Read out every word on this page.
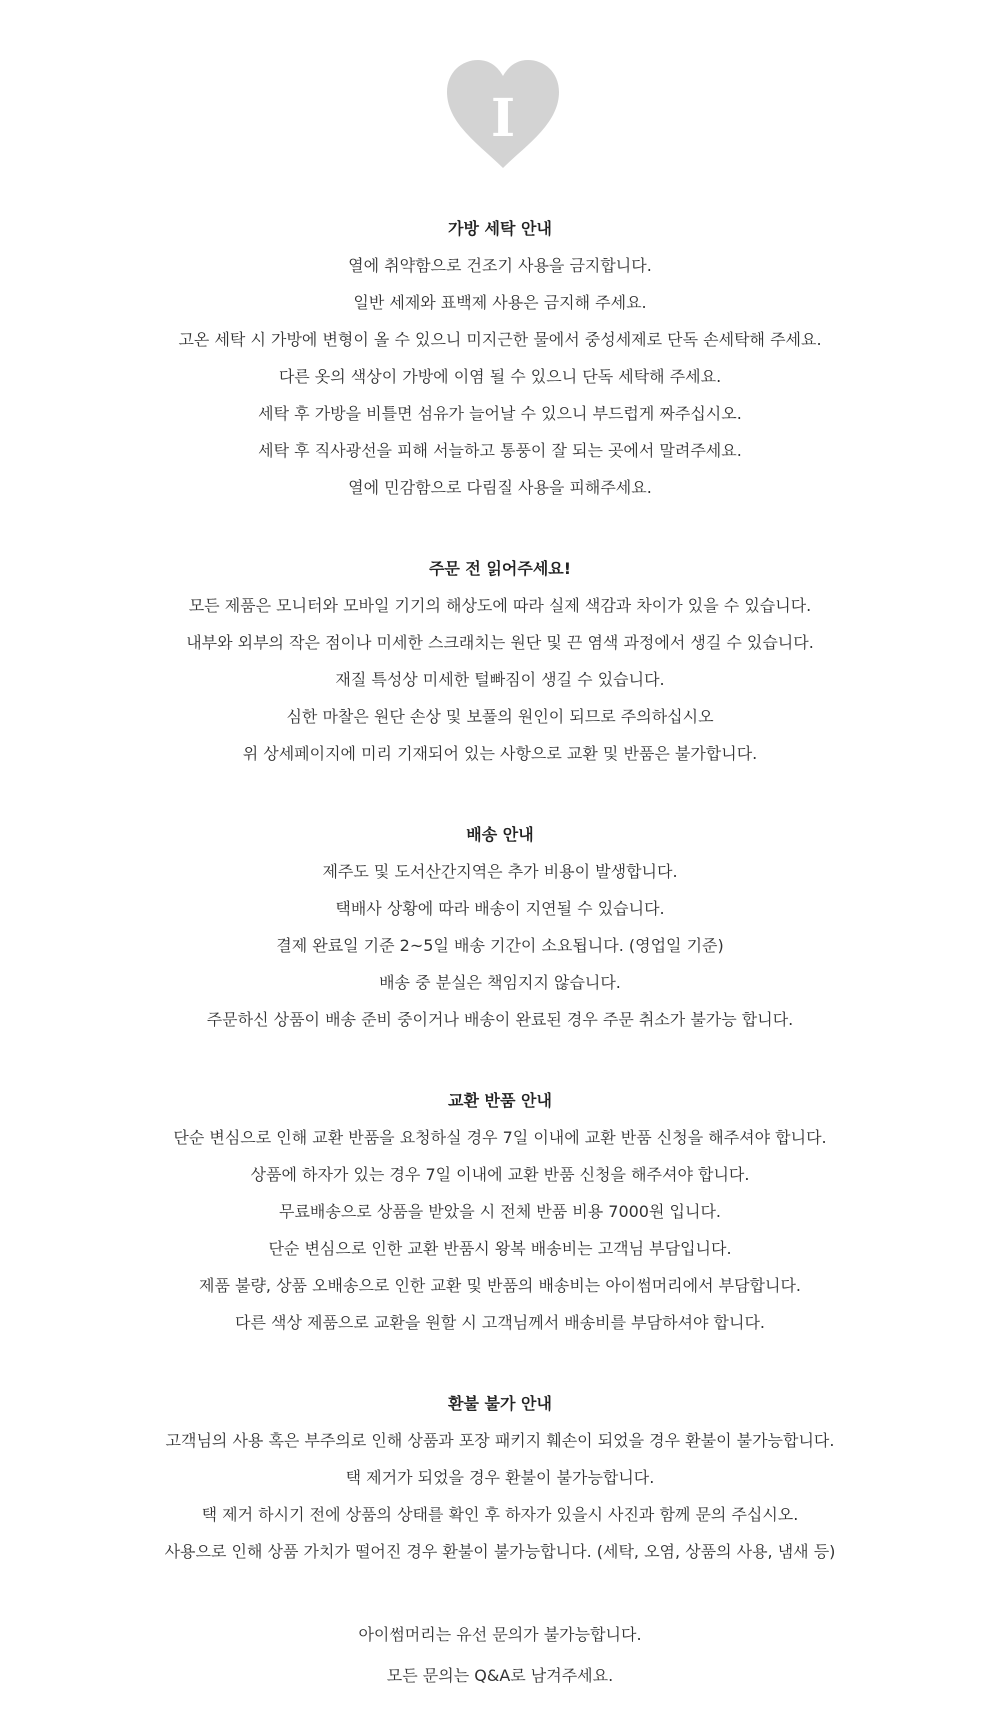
I

가방 세탁 안내

열에 취약함으로 건조기 사용을 금지합니다.

일반 세제와 표백제 사용은 금지해 주세요.

고온 세탁 시 가방에 변형이 올 수 있으니 미지근한 물에서 중성세제로 단독 손세탁해 주세요.

다른 옷의 색상이 가방에 이염 될 수 있으니 단독 세탁해 주세요.

세탁 후 가방을 비틀면 섬유가 늘어날 수 있으니 부드럽게 짜주십시오.

세탁 후 직사광선을 피해 서늘하고 통풍이 잘 되는 곳에서 말려주세요.

열에 민감함으로 다림질 사용을 피해주세요.

주문 전 읽어주세요!

모든 제품은 모니터와 모바일 기기의 해상도에 따라 실제 색감과 차이가 있을 수 있습니다.

내부와 외부의 작은 점이나 미세한 스크래치는 원단 및 끈 염색 과정에서 생길 수 있습니다.

재질 특성상 미세한 털빠짐이 생길 수 있습니다.

심한 마찰은 원단 손상 및 보풀의 원인이 되므로 주의하십시오

위 상세페이지에 미리 기재되어 있는 사항으로 교환 및 반품은 불가합니다.

배송 안내

제주도 및 도서산간지역은 추가 비용이 발생합니다.

택배사 상황에 따라 배송이 지연될 수 있습니다.

결제 완료일 기준 2~5일 배송 기간이 소요됩니다. (영업일 기준)

배송 중 분실은 책임지지 않습니다.

주문하신 상품이 배송 준비 중이거나 배송이 완료된 경우 주문 취소가 불가능 합니다.

교환 반품 안내

단순 변심으로 인해 교환 반품을 요청하실 경우 7일 이내에 교환 반품 신청을 해주셔야 합니다.

상품에 하자가 있는 경우 7일 이내에 교환 반품 신청을 해주셔야 합니다.

무료배송으로 상품을 받았을 시 전체 반품 비용 7000원 입니다.

단순 변심으로 인한 교환 반품시 왕복 배송비는 고객님 부담입니다.

제품 불량, 상품 오배송으로 인한 교환 및 반품의 배송비는 아이썸머리에서 부담합니다.

다른 색상 제품으로 교환을 원할 시 고객님께서 배송비를 부담하셔야 합니다.

환불 불가 안내

고객님의 사용 혹은 부주의로 인해 상품과 포장 패키지 훼손이 되었을 경우 환불이 불가능합니다.

택 제거가 되었을 경우 환불이 불가능합니다.

택 제거 하시기 전에 상품의 상태를 확인 후 하자가 있을시 사진과 함께 문의 주십시오.

사용으로 인해 상품 가치가 떨어진 경우 환불이 불가능합니다. (세탁, 오염, 상품의 사용, 냄새 등)

아이썸머리는 유선 문의가 불가능합니다.

모든 문의는 Q&A로 남겨주세요.
